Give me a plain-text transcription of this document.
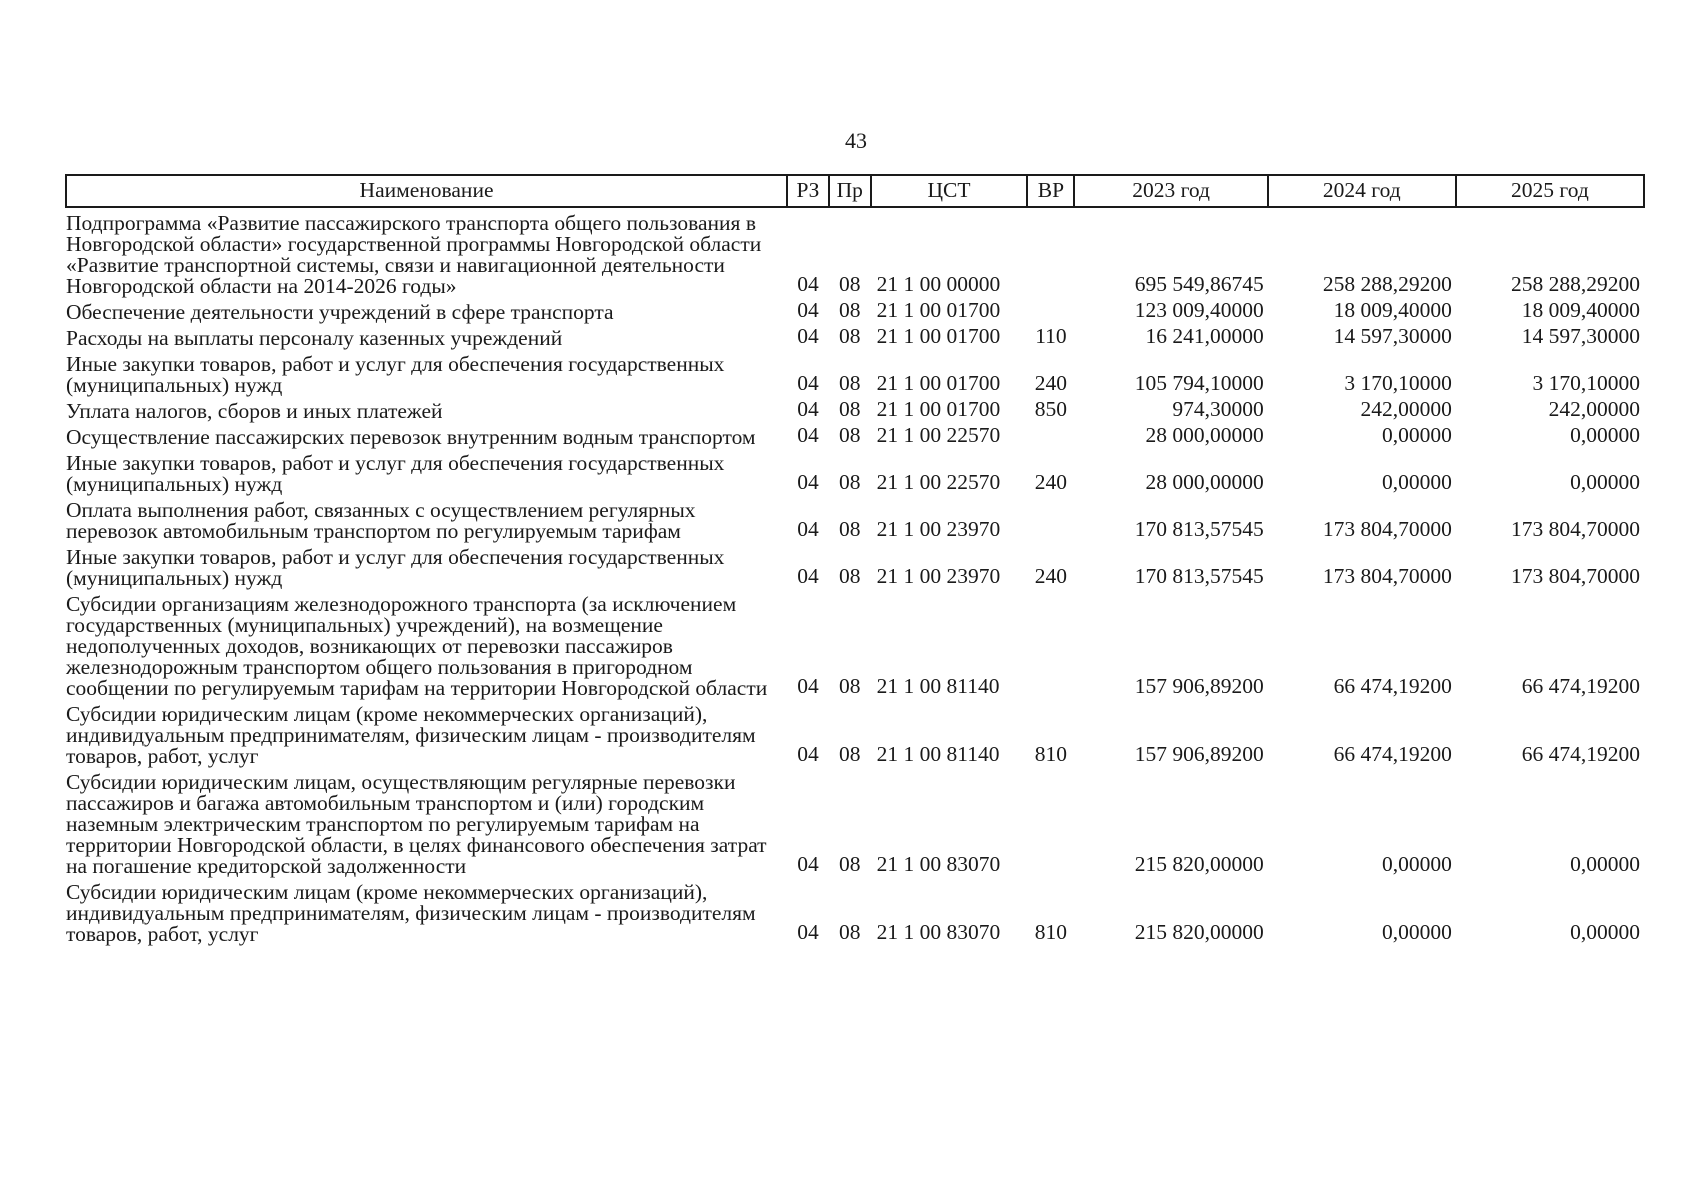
43
Наименование	РЗ	Пр	ЦСТ	ВР	2023 год	2024 год	2025 год
Подпрограмма «Развитие пассажирского транспорта общего пользования в Новгородской области» государственной программы Новгородской области «Развитие транспортной системы, связи и навигационной деятельности Новгородской области на 2014-2026 годы»	04	08	21 1 00 00000		695 549,86745	258 288,29200	258 288,29200
Обеспечение деятельности учреждений в сфере транспорта	04	08	21 1 00 01700		123 009,40000	18 009,40000	18 009,40000
Расходы на выплаты персоналу казенных учреждений	04	08	21 1 00 01700	110	16 241,00000	14 597,30000	14 597,30000
Иные закупки товаров, работ и услуг для обеспечения государственных (муниципальных) нужд	04	08	21 1 00 01700	240	105 794,10000	3 170,10000	3 170,10000
Уплата налогов, сборов и иных платежей	04	08	21 1 00 01700	850	974,30000	242,00000	242,00000
Осуществление пассажирских перевозок внутренним водным транспортом	04	08	21 1 00 22570		28 000,00000	0,00000	0,00000
Иные закупки товаров, работ и услуг для обеспечения государственных (муниципальных) нужд	04	08	21 1 00 22570	240	28 000,00000	0,00000	0,00000
Оплата выполнения работ, связанных с осуществлением регулярных перевозок автомобильным транспортом по регулируемым тарифам	04	08	21 1 00 23970		170 813,57545	173 804,70000	173 804,70000
Иные закупки товаров, работ и услуг для обеспечения государственных (муниципальных) нужд	04	08	21 1 00 23970	240	170 813,57545	173 804,70000	173 804,70000
Субсидии организациям железнодорожного транспорта (за исключением государственных (муниципальных) учреждений), на возмещение недополученных доходов, возникающих от перевозки пассажиров железнодорожным транспортом общего пользования в пригородном сообщении по регулируемым тарифам на территории Новгородской области	04	08	21 1 00 81140		157 906,89200	66 474,19200	66 474,19200
Субсидии юридическим лицам (кроме некоммерческих организаций), индивидуальным предпринимателям, физическим лицам - производителям товаров, работ, услуг	04	08	21 1 00 81140	810	157 906,89200	66 474,19200	66 474,19200
Субсидии юридическим лицам, осуществляющим регулярные перевозки пассажиров и багажа автомобильным транспортом и (или) городским наземным электрическим транспортом по регулируемым тарифам на территории Новгородской области, в целях финансового обеспечения затрат на погашение кредиторской задолженности	04	08	21 1 00 83070		215 820,00000	0,00000	0,00000
Субсидии юридическим лицам (кроме некоммерческих организаций), индивидуальным предпринимателям, физическим лицам - производителям товаров, работ, услуг	04	08	21 1 00 83070	810	215 820,00000	0,00000	0,00000
